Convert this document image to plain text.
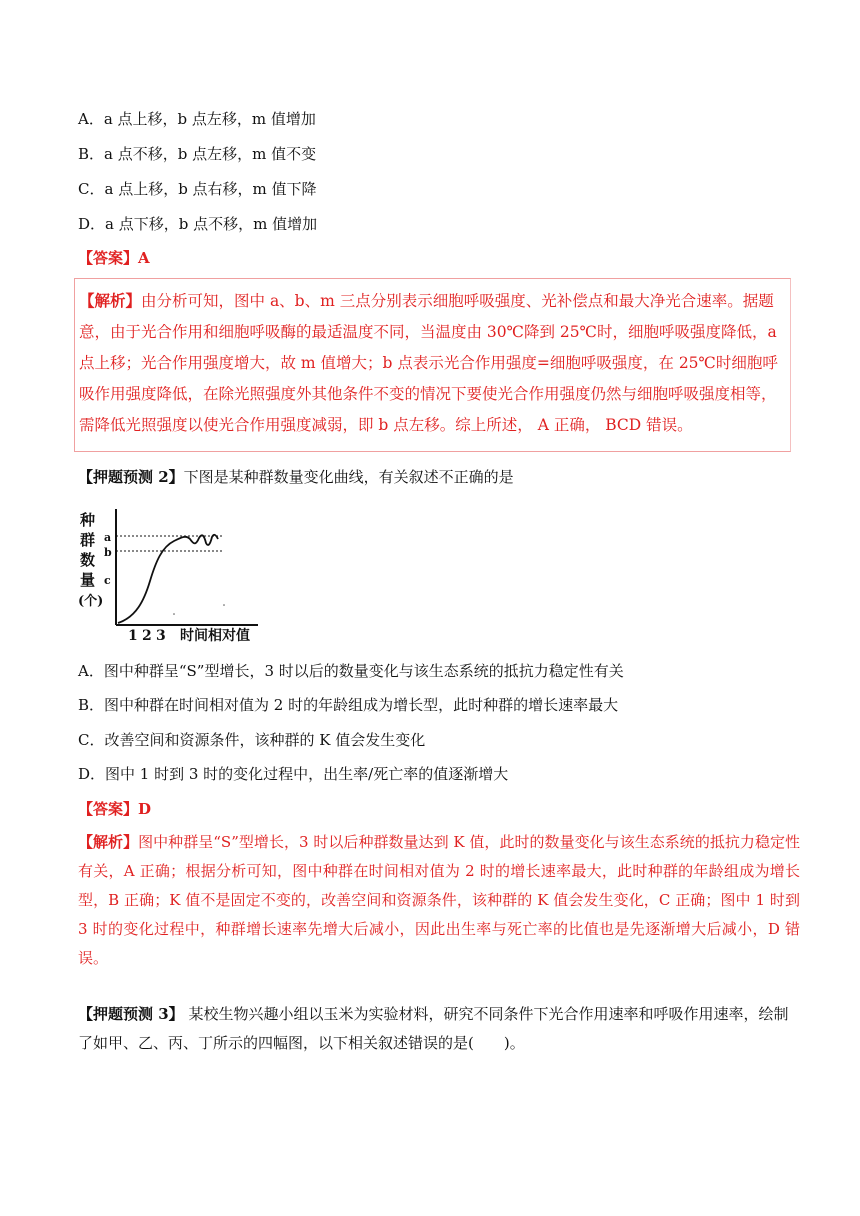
A．a 点上移，b 点左移，m 值增加
B．a 点不移，b 点左移，m 值不变
C．a 点上移，b 点右移，m 值下降
D．a 点下移，b 点不移，m 值增加
【答案】A
【解析】由分析可知，图中 a、b、m 三点分别表示细胞呼吸强度、光补偿点和最大净光合速率。据题意，由于光合作用和细胞呼吸酶的最适温度不同，当温度由 30℃降到 25℃时，细胞呼吸强度降低，a 点上移；光合作用强度增大，故 m 值增大；b 点表示光合作用强度=细胞呼吸强度，在 25℃时细胞呼吸作用强度降低，在除光照强度外其他条件不变的情况下要使光合作用强度仍然与细胞呼吸强度相等，需降低光照强度以使光合作用强度减弱，即 b 点左移。综上所述， A 正确， BCD 错误。
【押题预测 2】下图是某种群数量变化曲线，有关叙述不正确的是
种
群
数
量
(个)
a
b
c
1 2 3 时间相对值
A．图中种群呈“S”型增长，3 时以后的数量变化与该生态系统的抵抗力稳定性有关
B．图中种群在时间相对值为 2 时的年龄组成为增长型，此时种群的增长速率最大
C．改善空间和资源条件，该种群的 K 值会发生变化
D．图中 1 时到 3 时的变化过程中，出生率/死亡率的值逐渐增大
【答案】D
【解析】图中种群呈“S”型增长，3 时以后种群数量达到 K 值，此时的数量变化与该生态系统的抵抗力稳定性有关，A 正确；根据分析可知，图中种群在时间相对值为 2 时的增长速率最大，此时种群的年龄组成为增长型，B 正确；K 值不是固定不变的，改善空间和资源条件，该种群的 K 值会发生变化，C 正确；图中 1 时到 3 时的变化过程中，种群增长速率先增大后减小，因此出生率与死亡率的比值也是先逐渐增大后减小，D 错误。
【押题预测 3】 某校生物兴趣小组以玉米为实验材料，研究不同条件下光合作用速率和呼吸作用速率，绘制了如甲、乙、丙、丁所示的四幅图，以下相关叙述错误的是(　　)。
